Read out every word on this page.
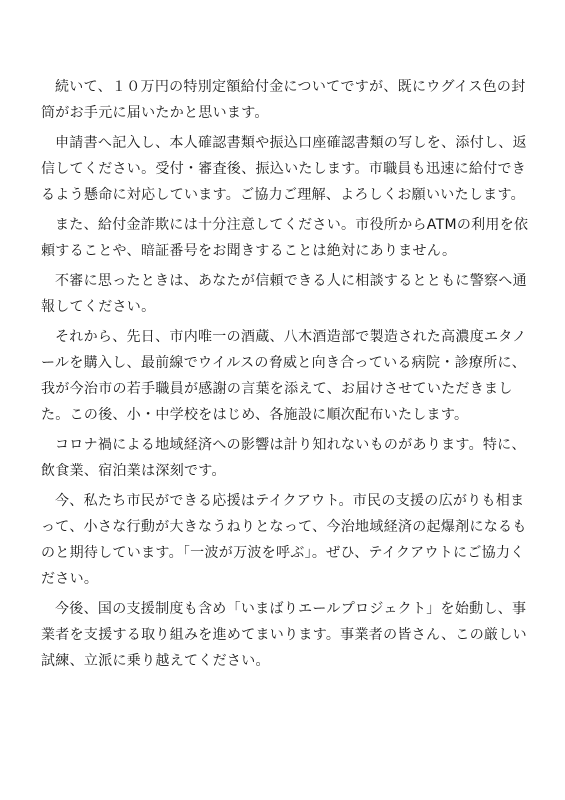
続いて、１０万円の特別定額給付金についてですが、既にウグイス色の封筒がお手元に届いたかと思います。

申請書へ記入し、本人確認書類や振込口座確認書類の写しを、添付し、返信してください。受付・審査後、振込いたします。市職員も迅速に給付できるよう懸命に対応しています。ご協力ご理解、よろしくお願いいたします。

また、給付金詐欺には十分注意してください。市役所からATMの利用を依頼することや、暗証番号をお聞きすることは絶対にありません。

不審に思ったときは、あなたが信頼できる人に相談するとともに警察へ通報してください。

それから、先日、市内唯一の酒蔵、八木酒造部で製造された高濃度エタノールを購入し、最前線でウイルスの脅威と向き合っている病院・診療所に、我が今治市の若手職員が感謝の言葉を添えて、お届けさせていただきました。この後、小・中学校をはじめ、各施設に順次配布いたします。

コロナ禍による地域経済への影響は計り知れないものがあります。特に、飲食業、宿泊業は深刻です。

今、私たち市民ができる応援はテイクアウト。市民の支援の広がりも相まって、小さな行動が大きなうねりとなって、今治地域経済の起爆剤になるものと期待しています。「一波が万波を呼ぶ」。ぜひ、テイクアウトにご協力ください。

今後、国の支援制度も含め「いまばりエールプロジェクト」を始動し、事業者を支援する取り組みを進めてまいります。事業者の皆さん、この厳しい試練、立派に乗り越えてください。
